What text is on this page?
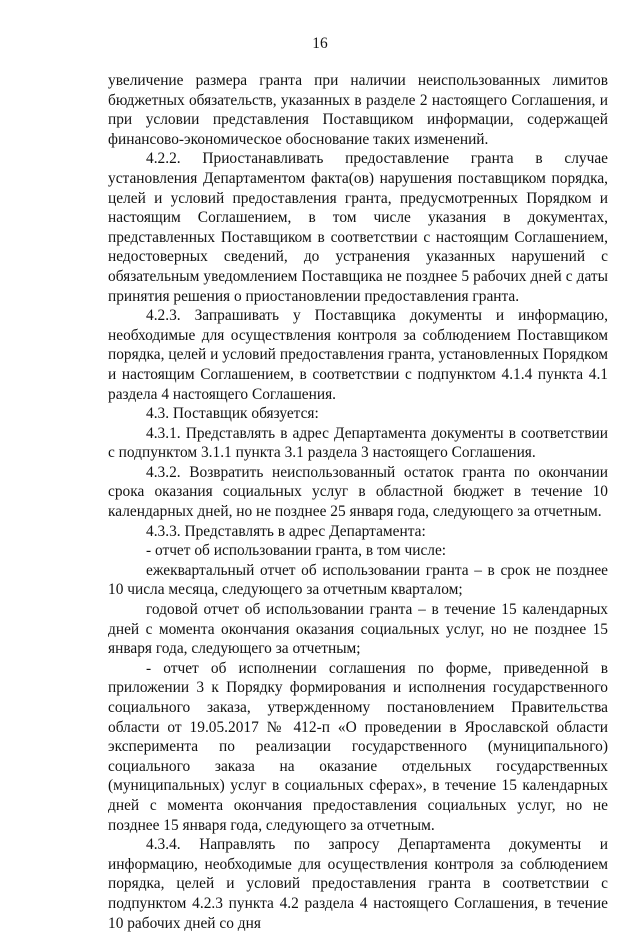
16

увеличение размера гранта при наличии неиспользованных лимитов бюджетных обязательств, указанных в разделе 2 настоящего Соглашения, и при условии представления Поставщиком информации, содержащей финансово-экономическое обоснование таких изменений.

4.2.2. Приостанавливать предоставление гранта в случае установления Департаментом факта(ов) нарушения поставщиком порядка, целей и условий предоставления гранта, предусмотренных Порядком и настоящим Соглашением, в том числе указания в документах, представленных Поставщиком в соответствии с настоящим Соглашением, недостоверных сведений, до устранения указанных нарушений с обязательным уведомлением Поставщика не позднее 5 рабочих дней с даты принятия решения о приостановлении предоставления гранта.

4.2.3. Запрашивать у Поставщика документы и информацию, необходимые для осуществления контроля за соблюдением Поставщиком порядка, целей и условий предоставления гранта, установленных Порядком и настоящим Соглашением, в соответствии с подпунктом 4.1.4 пункта 4.1 раздела 4 настоящего Соглашения.

4.3. Поставщик обязуется:

4.3.1. Представлять в адрес Департамента документы в соответствии с подпунктом 3.1.1 пункта 3.1 раздела 3 настоящего Соглашения.

4.3.2. Возвратить неиспользованный остаток гранта по окончании срока оказания социальных услуг в областной бюджет в течение 10 календарных дней, но не позднее 25 января года, следующего за отчетным.

4.3.3. Представлять в адрес Департамента:

- отчет об использовании гранта, в том числе:

ежеквартальный отчет об использовании гранта – в срок не позднее 10 числа месяца, следующего за отчетным кварталом;

годовой отчет об использовании гранта – в течение 15 календарных дней с момента окончания оказания социальных услуг, но не позднее 15 января года, следующего за отчетным;

- отчет об исполнении соглашения по форме, приведенной в приложении 3 к Порядку формирования и исполнения государственного социального заказа, утвержденному постановлением Правительства области от 19.05.2017 № 412-п «О проведении в Ярославской области эксперимента по реализации государственного (муниципального) социального заказа на оказание отдельных государственных (муниципальных) услуг в социальных сферах», в течение 15 календарных дней с момента окончания предоставления социальных услуг, но не позднее 15 января года, следующего за отчетным.

4.3.4. Направлять по запросу Департамента документы и информацию, необходимые для осуществления контроля за соблюдением порядка, целей и условий предоставления гранта в соответствии с подпунктом 4.2.3 пункта 4.2 раздела 4 настоящего Соглашения, в течение 10 рабочих дней со дня
